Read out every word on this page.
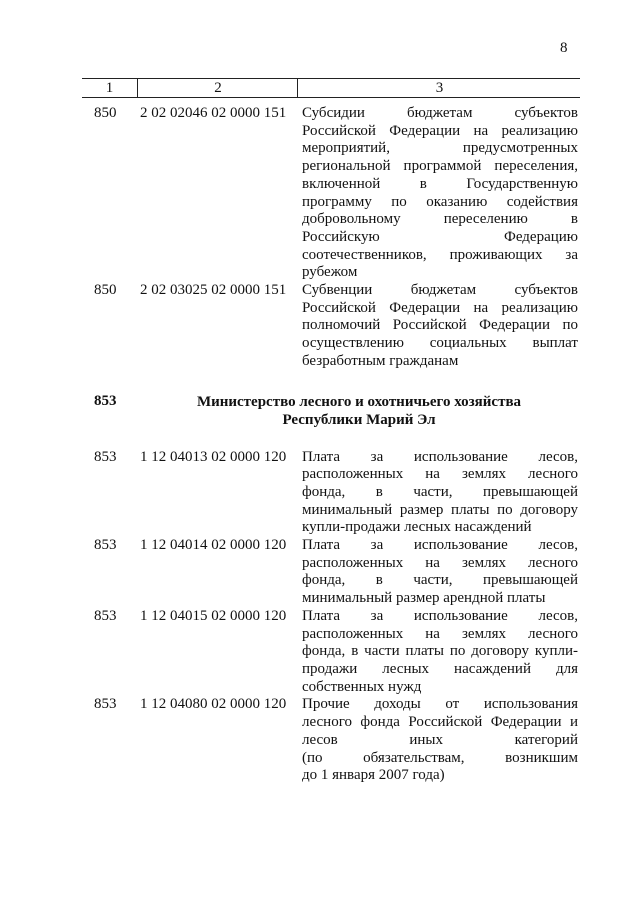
8
1	2	3
850	2 02 02046 02 0000 151	Субсидии бюджетам субъектов
Российской Федерации на реализацию
мероприятий, предусмотренных
региональной программой переселения,
включенной в Государственную
программу по оказанию содействия
добровольному переселению в
Российскую Федерацию
соотечественников, проживающих за
рубежом
850	2 02 03025 02 0000 151	Субвенции бюджетам субъектов
Российской Федерации на реализацию
полномочий Российской Федерации по
осуществлению социальных выплат
безработным гражданам
853	Министерство лесного и охотничьего хозяйства
Республики Марий Эл
853	1 12 04013 02 0000 120	Плата за использование лесов,
расположенных на землях лесного
фонда, в части, превышающей
минимальный размер платы по договору
купли-продажи лесных насаждений
853	1 12 04014 02 0000 120	Плата за использование лесов,
расположенных на землях лесного
фонда, в части, превышающей
минимальный размер арендной платы
853	1 12 04015 02 0000 120	Плата за использование лесов,
расположенных на землях лесного
фонда, в части платы по договору купли-
продажи лесных насаждений для
собственных нужд
853	1 12 04080 02 0000 120	Прочие доходы от использования
лесного фонда Российской Федерации и
лесов иных категорий
(по обязательствам, возникшим
до 1 января 2007 года)
